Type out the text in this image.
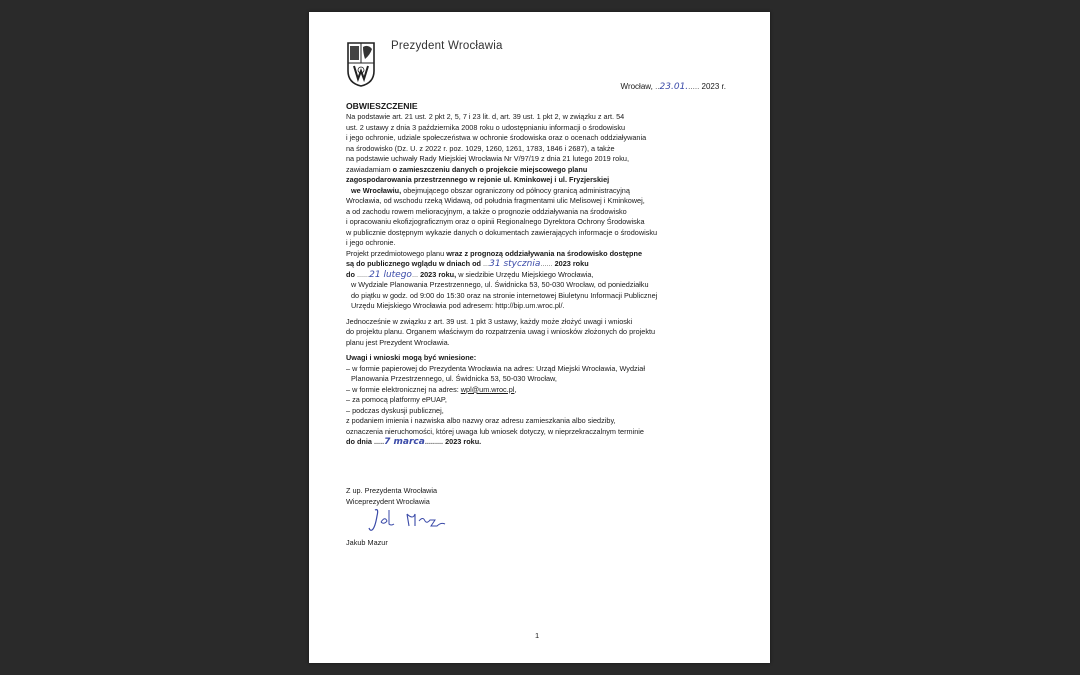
Prezydent Wrocławia
Wrocław, ..23.01...... 2023 r.
OBWIESZCZENIE
Na podstawie art. 21 ust. 2 pkt 2, 5, 7 i 23 lit. d, art. 39 ust. 1 pkt 2, w związku z art. 54
ust. 2 ustawy z dnia 3 października 2008 roku o udostępnianiu informacji o środowisku
i jego ochronie, udziale społeczeństwa w ochronie środowiska oraz o ocenach oddziaływania
na środowisko (Dz. U. z 2022 r. poz. 1029, 1260, 1261, 1783, 1846 i 2687), a także
na podstawie uchwały Rady Miejskiej Wrocławia Nr V/97/19 z dnia 21 lutego 2019 roku,
zawiadamiam o zamieszczeniu danych o projekcie miejscowego planu
zagospodarowania przestrzennego w rejonie ul. Kminkowej i ul. Fryzjerskiej
we Wrocławiu, obejmującego obszar ograniczony od północy granicą administracyjną
Wrocławia, od wschodu rzeką Widawą, od południa fragmentami ulic Melisowej i Kminkowej,
a od zachodu rowem melioracyjnym, a także o prognozie oddziaływania na środowisko
i opracowaniu ekofizjograficznym oraz o opinii Regionalnego Dyrektora Ochrony Środowiska
w publicznie dostępnym wykazie danych o dokumentach zawierających informacje o środowisku
i jego ochronie.
Projekt przedmiotowego planu wraz z prognozą oddziaływania na środowisko dostępne
są do publicznego wglądu w dniach od ...31 stycznia...... 2023 roku
do ......21 lutego... 2023 roku, w siedzibie Urzędu Miejskiego Wrocławia,
w Wydziale Planowania Przestrzennego, ul. Świdnicka 53, 50-030 Wrocław, od poniedziałku
do piątku w godz. od 9:00 do 15:30 oraz na stronie internetowej Biuletynu Informacji Publicznej
Urzędu Miejskiego Wrocławia pod adresem: http://bip.um.wroc.pl/.
Jednocześnie w związku z art. 39 ust. 1 pkt 3 ustawy, każdy może złożyć uwagi i wnioski
do projektu planu. Organem właściwym do rozpatrzenia uwag i wniosków złożonych do projektu
planu jest Prezydent Wrocławia.
Uwagi i wnioski mogą być wniesione:
– w formie papierowej do Prezydenta Wrocławia na adres: Urząd Miejski Wrocławia, Wydział
Planowania Przestrzennego, ul. Świdnicka 53, 50-030 Wrocław,
– w formie elektronicznej na adres: wpl@um.wroc.pl,
– za pomocą platformy ePUAP,
– podczas dyskusji publicznej,
z podaniem imienia i nazwiska albo nazwy oraz adresu zamieszkania albo siedziby,
oznaczenia nieruchomości, której uwaga lub wniosek dotyczy, w nieprzekraczalnym terminie
do dnia .....7 marca......... 2023 roku.
Z up. Prezydenta Wrocławia
Wiceprezydent Wrocławia
Jakub Mazur
1
